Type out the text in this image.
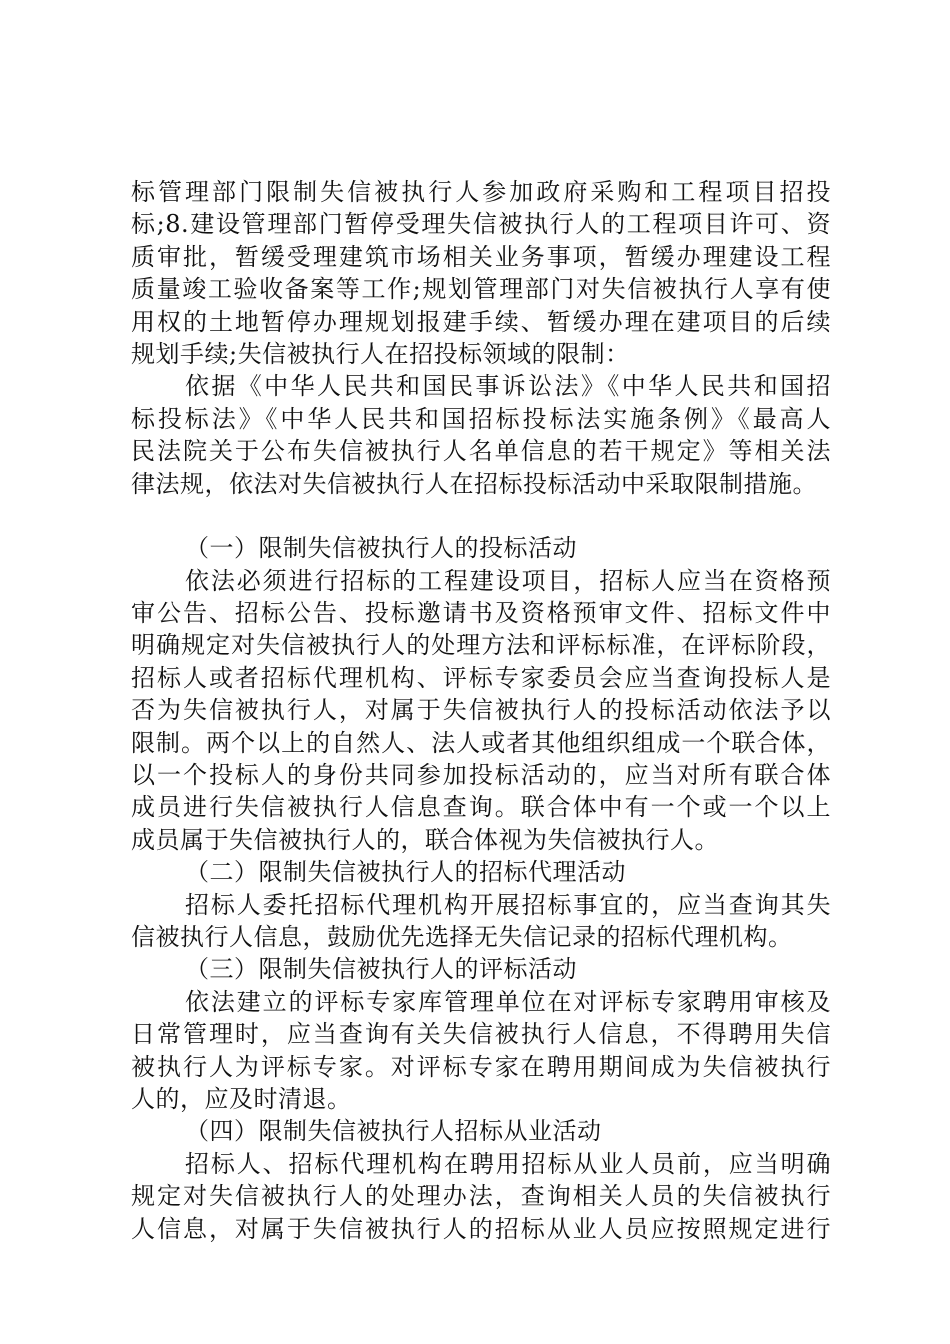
标管理部门限制失信被执行人参加政府采购和工程项目招投
标;8.建设管理部门暂停受理失信被执行人的工程项目许可、资
质审批，暂缓受理建筑市场相关业务事项，暂缓办理建设工程
质量竣工验收备案等工作;规划管理部门对失信被执行人享有使
用权的土地暂停办理规划报建手续、暂缓办理在建项目的后续
规划手续;失信被执行人在招投标领域的限制：
依据《中华人民共和国民事诉讼法》《中华人民共和国招
标投标法》《中华人民共和国招标投标法实施条例》《最高人
民法院关于公布失信被执行人名单信息的若干规定》等相关法
律法规，依法对失信被执行人在招标投标活动中采取限制措施。
（一）限制失信被执行人的投标活动
依法必须进行招标的工程建设项目，招标人应当在资格预
审公告、招标公告、投标邀请书及资格预审文件、招标文件中
明确规定对失信被执行人的处理方法和评标标准，在评标阶段，
招标人或者招标代理机构、评标专家委员会应当查询投标人是
否为失信被执行人，对属于失信被执行人的投标活动依法予以
限制。两个以上的自然人、法人或者其他组织组成一个联合体，
以一个投标人的身份共同参加投标活动的，应当对所有联合体
成员进行失信被执行人信息查询。联合体中有一个或一个以上
成员属于失信被执行人的，联合体视为失信被执行人。
（二）限制失信被执行人的招标代理活动
招标人委托招标代理机构开展招标事宜的，应当查询其失
信被执行人信息，鼓励优先选择无失信记录的招标代理机构。
（三）限制失信被执行人的评标活动
依法建立的评标专家库管理单位在对评标专家聘用审核及
日常管理时，应当查询有关失信被执行人信息，不得聘用失信
被执行人为评标专家。对评标专家在聘用期间成为失信被执行
人的，应及时清退。
（四）限制失信被执行人招标从业活动
招标人、招标代理机构在聘用招标从业人员前，应当明确
规定对失信被执行人的处理办法，查询相关人员的失信被执行
人信息，对属于失信被执行人的招标从业人员应按照规定进行
